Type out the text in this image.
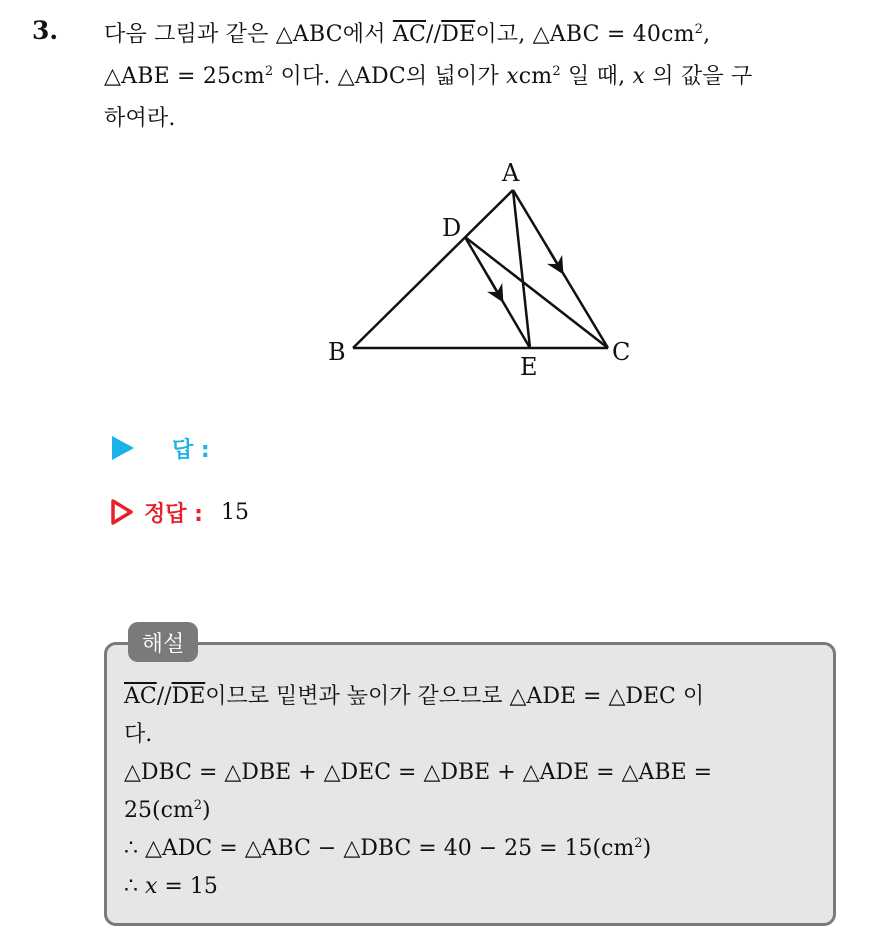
3. 다음 그림과 같은 △ABC에서 $\overline{AC}//\overline{DE}$이고, △ABC = $40cm^2$,
△ABE = $25cm^2$ 이다. △ADC의 넓이가 xcm$^2$ 일 때, x 의 값을 구
하여라.
A
D
B
E
C
답 :
정답 : 15
해설
$\overline{AC}//\overline{DE}$이므로 밑변과 높이가 같으므로 △ADE = △DEC 이
다.
△DBC = △DBE + △DEC = △DBE + △ADE = △ABE =
$25(cm^2)$
∴ △ADC = △ABC − △DBC = $40 - 25 = 15(cm^2)$
∴ x = 15
